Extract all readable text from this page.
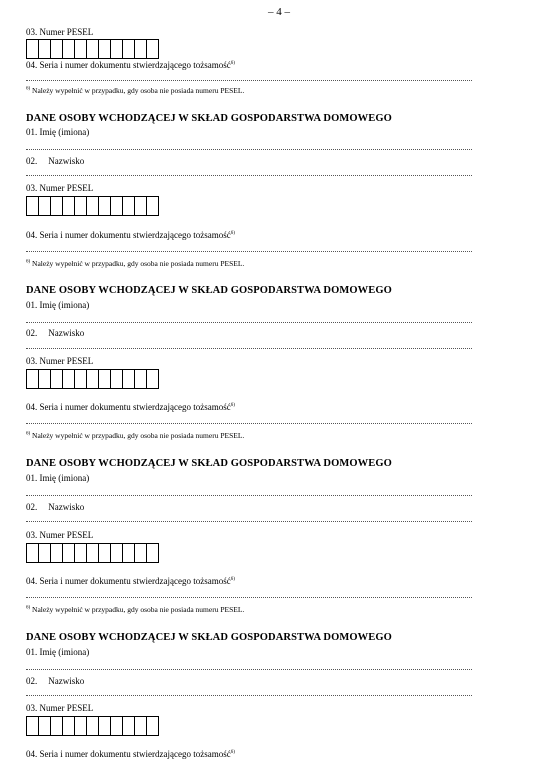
– 4 –
03. Numer PESEL
04. Seria i numer dokumentu stwierdzającego tożsamość$^{6)}$
$^{6)}$ Należy wypełnić w przypadku, gdy osoba nie posiada numeru PESEL.
DANE OSOBY WCHODZĄCEJ W SKŁAD GOSPODARSTWA DOMOWEGO
01. Imię (imiona)
02. Nazwisko
03. Numer PESEL
04. Seria i numer dokumentu stwierdzającego tożsamość$^{6)}$
$^{6)}$ Należy wypełnić w przypadku, gdy osoba nie posiada numeru PESEL.
DANE OSOBY WCHODZĄCEJ W SKŁAD GOSPODARSTWA DOMOWEGO
01. Imię (imiona)
02. Nazwisko
03. Numer PESEL
04. Seria i numer dokumentu stwierdzającego tożsamość$^{6)}$
$^{6)}$ Należy wypełnić w przypadku, gdy osoba nie posiada numeru PESEL.
DANE OSOBY WCHODZĄCEJ W SKŁAD GOSPODARSTWA DOMOWEGO
01. Imię (imiona)
02. Nazwisko
03. Numer PESEL
04. Seria i numer dokumentu stwierdzającego tożsamość$^{6)}$
$^{6)}$ Należy wypełnić w przypadku, gdy osoba nie posiada numeru PESEL.
DANE OSOBY WCHODZĄCEJ W SKŁAD GOSPODARSTWA DOMOWEGO
01. Imię (imiona)
02. Nazwisko
03. Numer PESEL
04. Seria i numer dokumentu stwierdzającego tożsamość$^{6)}$
